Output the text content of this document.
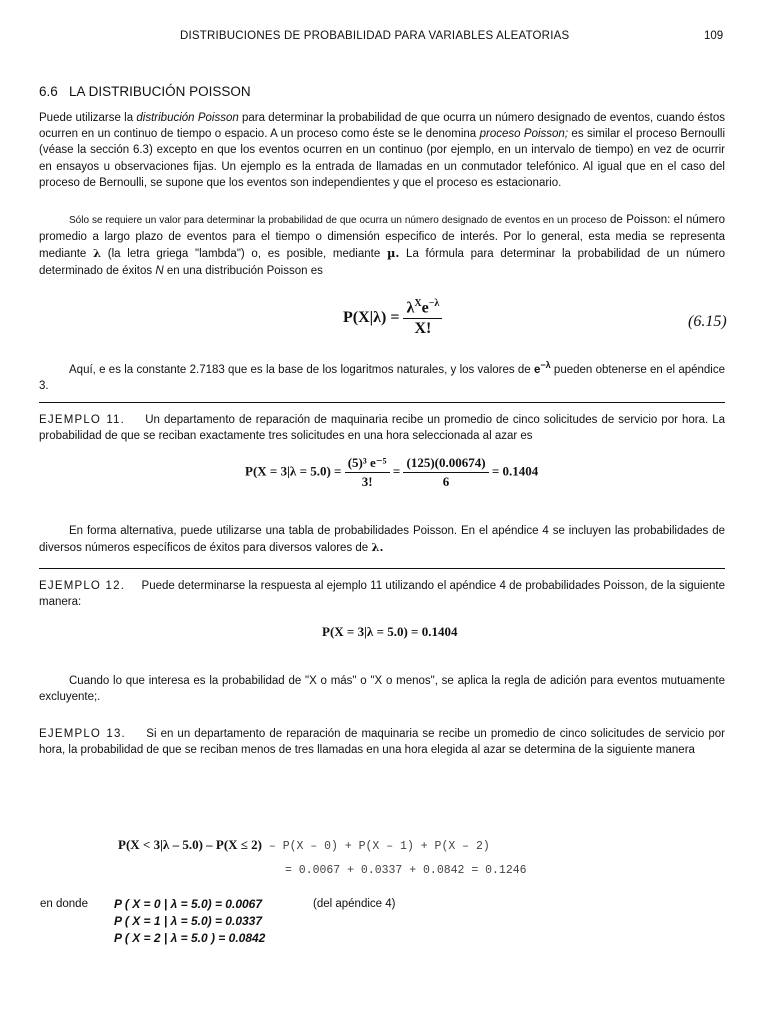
DISTRIBUCIONES DE PROBABILIDAD PARA VARIABLES ALEATORIAS	109
6.6 LA DISTRIBUCIÓN POISSON
Puede utilizarse la distribución Poisson para determinar la probabilidad de que ocurra un número designado de eventos, cuando éstos ocurren en un continuo de tiempo o espacio. A un proceso como éste se le denomina proceso Poisson; es similar el proceso Bernoulli (véase la sección 6.3) excepto en que los eventos ocurren en un continuo (por ejemplo, en un intervalo de tiempo) en vez de ocurrir en ensayos u observaciones fijas. Un ejemplo es la entrada de llamadas en un conmutador telefónico. Al igual que en el caso del proceso de Bernoulli, se supone que los eventos son independientes y que el proceso es estacionario.
Sólo se requiere un valor para determinar la probabilidad de que ocurra un número designado de eventos en un proceso de Poisson: el número promedio a largo plazo de eventos para el tiempo o dimensión especifico de interés. Por lo general, esta media se representa mediante λ (la letra griega "lambda") o, es posible, mediante µ. La fórmula para determinar la probabilidad de un número determinado de éxitos N en una distribución Poisson es
$P(X|\lambda) = \frac{\lambda^Xe^{-\lambda}}{X!}$	(6.15)
Aquí, e es la constante 2.7183 que es la base de los logaritmos naturales, y los valores de $e^{-\lambda}$ pueden obtenerse en el apéndice 3.
EJEMPLO 11. Un departamento de reparación de maquinaria recibe un promedio de cinco solicitudes de servicio por hora. La probabilidad de que se reciban exactamente tres solicitudes en una hora seleccionada al azar es
$P(X = 3|\lambda = 5.0) = \frac{\text{(5)³ e⁻⁵}}{3!} = \frac{(125)(0.00674)}{6} = 0.1404$
En forma alternativa, puede utilizarse una tabla de probabilidades Poisson. En el apéndice 4 se incluyen las probabilidades de diversos números específicos de éxitos para diversos valores de λ.
EJEMPLO 12. Puede determinarse la respuesta al ejemplo 11 utilizando el apéndice 4 de probabilidades Poisson, de la siguiente manera:
P(X = 3|λ = 5.0) = 0.1404
Cuando lo que interesa es la probabilidad de "X o más" o "X o menos", se aplica la regla de adición para eventos mutuamente excluyente;.
EJEMPLO 13. Si en un departamento de reparación de maquinaria se recibe un promedio de cinco solicitudes de servicio por hora, la probabilidad de que se reciban menos de tres llamadas en una hora elegida al azar se determina de la siguiente manera
P(X < 3|λ – 5.0) – P(X ≤ 2) – P(X – 0) + P(X – 1) + P(X – 2)
= 0.0067 + 0.0337 + 0.0842 = 0.1246
en donde P ( X = 0 | λ = 5.0) = 0.0067
P ( X = 1 | λ = 5.0) = 0.0337
P ( X = 2 | λ = 5.0 ) = 0.0842
(del apéndice 4)
